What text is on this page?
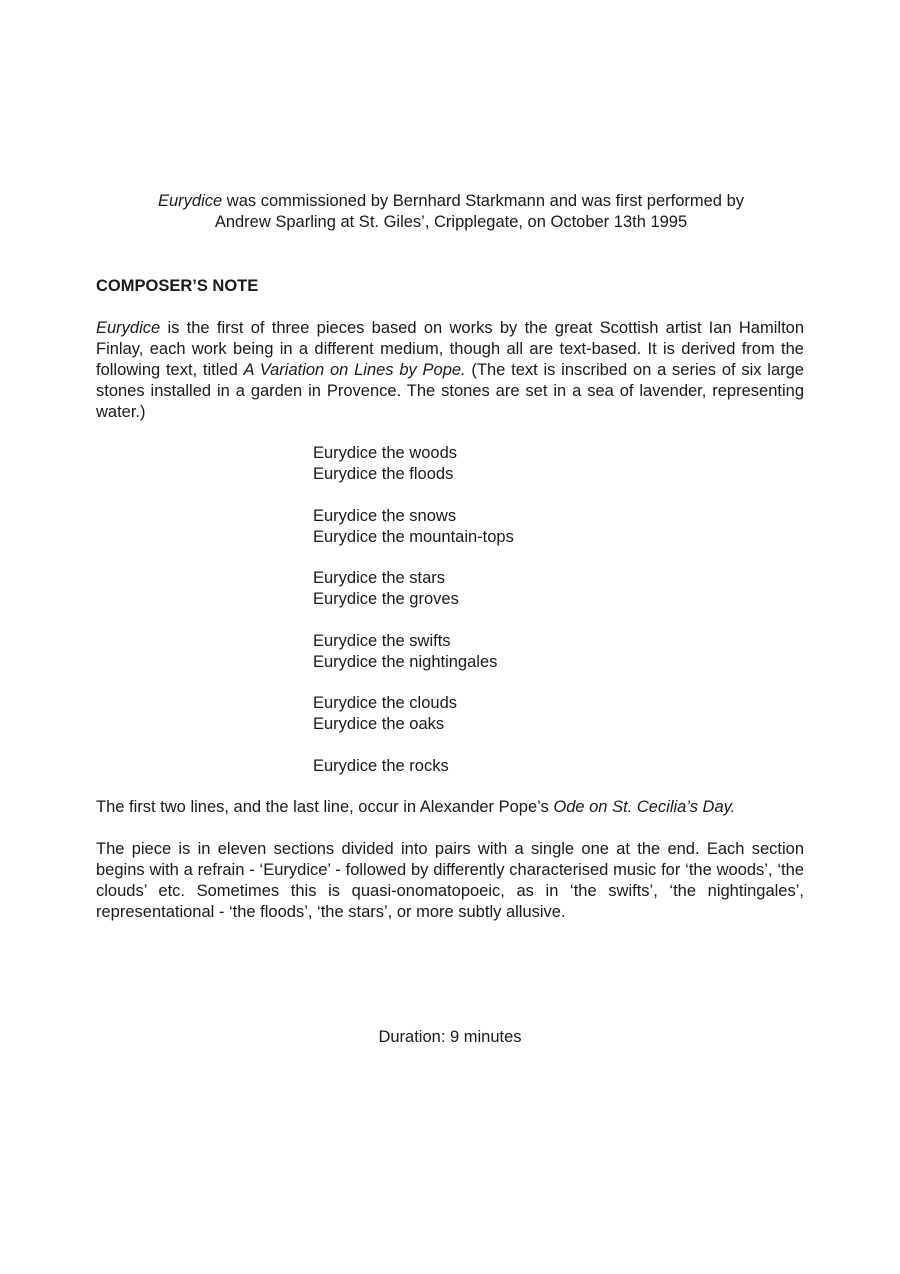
Eurydice was commissioned by Bernhard Starkmann and was first performed by
Andrew Sparling at St. Giles’, Cripplegate, on October 13th 1995
COMPOSER’S NOTE

Eurydice is the first of three pieces based on works by the great Scottish artist Ian Hamilton Finlay, each work being in a different medium, though all are text-based. It is derived from the following text, titled A Variation on Lines by Pope. (The text is inscribed on a series of six large stones installed in a garden in Provence. The stones are set in a sea of lavender, representing water.)

Eurydice the woods
Eurydice the floods
Eurydice the snows
Eurydice the mountain-tops
Eurydice the stars
Eurydice the groves
Eurydice the swifts
Eurydice the nightingales
Eurydice the clouds
Eurydice the oaks
Eurydice the rocks

The first two lines, and the last line, occur in Alexander Pope’s Ode on St. Cecilia’s Day.

The piece is in eleven sections divided into pairs with a single one at the end. Each section begins with a refrain - ‘Eurydice’ - followed by differently characterised music for ‘the woods’, ‘the clouds’ etc. Sometimes this is quasi-onomatopoeic, as in ‘the swifts’, ‘the nightingales’, representational - ‘the floods’, ‘the stars’, or more subtly allusive.

Duration: 9 minutes
